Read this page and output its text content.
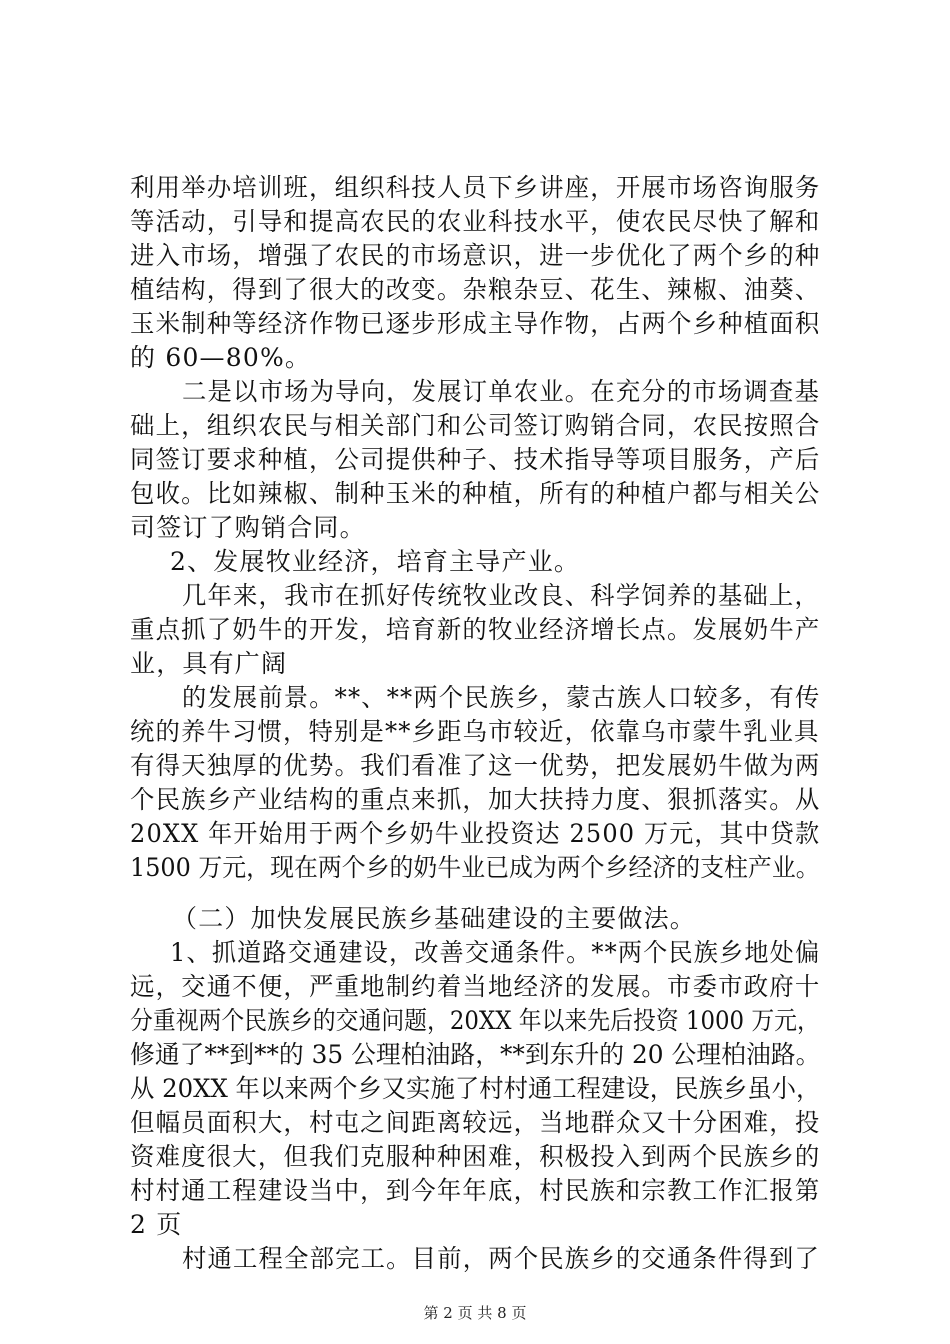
利用举办培训班，组织科技人员下乡讲座，开展市场咨询服务
等活动，引导和提高农民的农业科技水平，使农民尽快了解和
进入市场，增强了农民的市场意识，进一步优化了两个乡的种
植结构，得到了很大的改变。杂粮杂豆、花生、辣椒、油葵、
玉米制种等经济作物已逐步形成主导作物，占两个乡种植面积
的 60—80%。
二是以市场为导向，发展订单农业。在充分的市场调查基
础上，组织农民与相关部门和公司签订购销合同，农民按照合
同签订要求种植，公司提供种子、技术指导等项目服务，产后
包收。比如辣椒、制种玉米的种植，所有的种植户都与相关公
司签订了购销合同。
2、发展牧业经济，培育主导产业。
几年来，我市在抓好传统牧业改良、科学饲养的基础上，
重点抓了奶牛的开发，培育新的牧业经济增长点。发展奶牛产
业，具有广阔
的发展前景。**、**两个民族乡，蒙古族人口较多，有传
统的养牛习惯，特别是**乡距乌市较近，依靠乌市蒙牛乳业具
有得天独厚的优势。我们看准了这一优势，把发展奶牛做为两
个民族乡产业结构的重点来抓，加大扶持力度、狠抓落实。从
20XX 年开始用于两个乡奶牛业投资达 2500 万元，其中贷款
1500 万元，现在两个乡的奶牛业已成为两个乡经济的支柱产业。
（二）加快发展民族乡基础建设的主要做法。
1、抓道路交通建设，改善交通条件。**两个民族乡地处偏
远，交通不便，严重地制约着当地经济的发展。市委市政府十
分重视两个民族乡的交通问题，20XX 年以来先后投资 1000 万元，
修通了**到**的 35 公理柏油路，**到东升的 20 公理柏油路。
从 20XX 年以来两个乡又实施了村村通工程建设，民族乡虽小，
但幅员面积大，村屯之间距离较远，当地群众又十分困难，投
资难度很大，但我们克服种种困难，积极投入到两个民族乡的
村村通工程建设当中，到今年年底，村民族和宗教工作汇报第
2 页
村通工程全部完工。目前，两个民族乡的交通条件得到了
第 2 页 共 8 页
